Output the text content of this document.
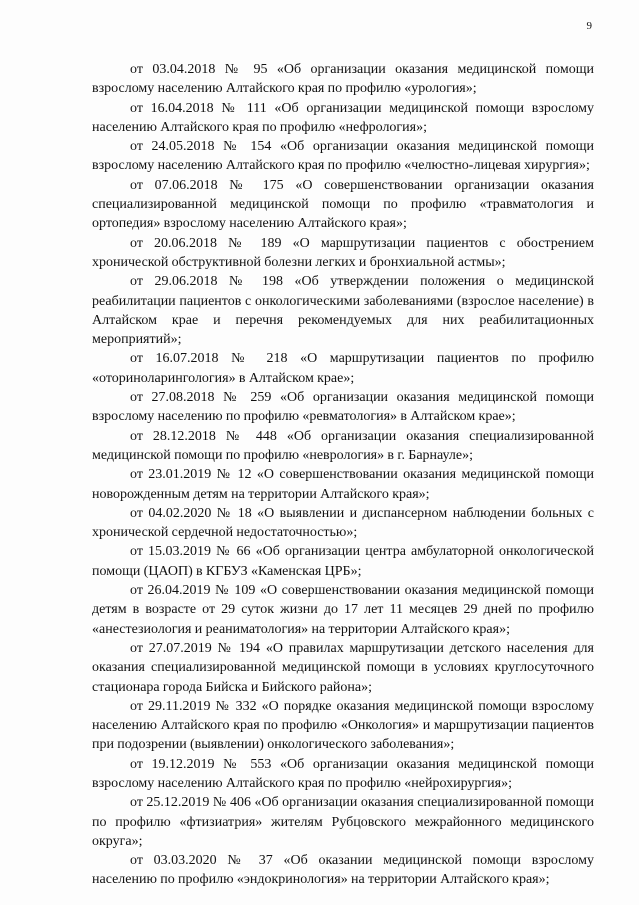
9

от 03.04.2018 № 95 «Об организации оказания медицинской помощи взрослому населению Алтайского края по профилю «урология»;

от 16.04.2018 № 111 «Об организации медицинской помощи взрослому населению Алтайского края по профилю «нефрология»;

от 24.05.2018 № 154 «Об организации оказания медицинской помощи взрослому населению Алтайского края по профилю «челюстно-лицевая хирургия»;

от 07.06.2018 № 175 «О совершенствовании организации оказания специализированной медицинской помощи по профилю «травматология и ортопедия» взрослому населению Алтайского края»;

от 20.06.2018 № 189 «О маршрутизации пациентов с обострением хронической обструктивной болезни легких и бронхиальной астмы»;

от 29.06.2018 № 198 «Об утверждении положения о медицинской реабилитации пациентов с онкологическими заболеваниями (взрослое население) в Алтайском крае и перечня рекомендуемых для них реабилитационных мероприятий»;

от 16.07.2018 № 218 «О маршрутизации пациентов по профилю «оториноларингология» в Алтайском крае»;

от 27.08.2018 № 259 «Об организации оказания медицинской помощи взрослому населению по профилю «ревматология» в Алтайском крае»;

от 28.12.2018 № 448 «Об организации оказания специализированной медицинской помощи по профилю «неврология» в г. Барнауле»;

от 23.01.2019 № 12 «О совершенствовании оказания медицинской помощи новорожденным детям на территории Алтайского края»;

от 04.02.2020 № 18 «О выявлении и диспансерном наблюдении больных с хронической сердечной недостаточностью»;

от 15.03.2019 № 66 «Об организации центра амбулаторной онкологической помощи (ЦАОП) в КГБУЗ «Каменская ЦРБ»;

от 26.04.2019 № 109 «О совершенствовании оказания медицинской помощи детям в возрасте от 29 суток жизни до 17 лет 11 месяцев 29 дней по профилю «анестезиология и реаниматология» на территории Алтайского края»;

от 27.07.2019 № 194 «О правилах маршрутизации детского населения для оказания специализированной медицинской помощи в условиях круглосуточного стационара города Бийска и Бийского района»;

от 29.11.2019 № 332 «О порядке оказания медицинской помощи взрослому населению Алтайского края по профилю «Онкология» и маршрутизации пациентов при подозрении (выявлении) онкологического заболевания»;

от 19.12.2019 № 553 «Об организации оказания медицинской помощи взрослому населению Алтайского края по профилю «нейрохирургия»;

от 25.12.2019 № 406 «Об организации оказания специализированной помощи по профилю «фтизиатрия» жителям Рубцовского межрайонного медицинского округа»;

от 03.03.2020 № 37 «Об оказании медицинской помощи взрослому населению по профилю «эндокринология» на территории Алтайского края»;
